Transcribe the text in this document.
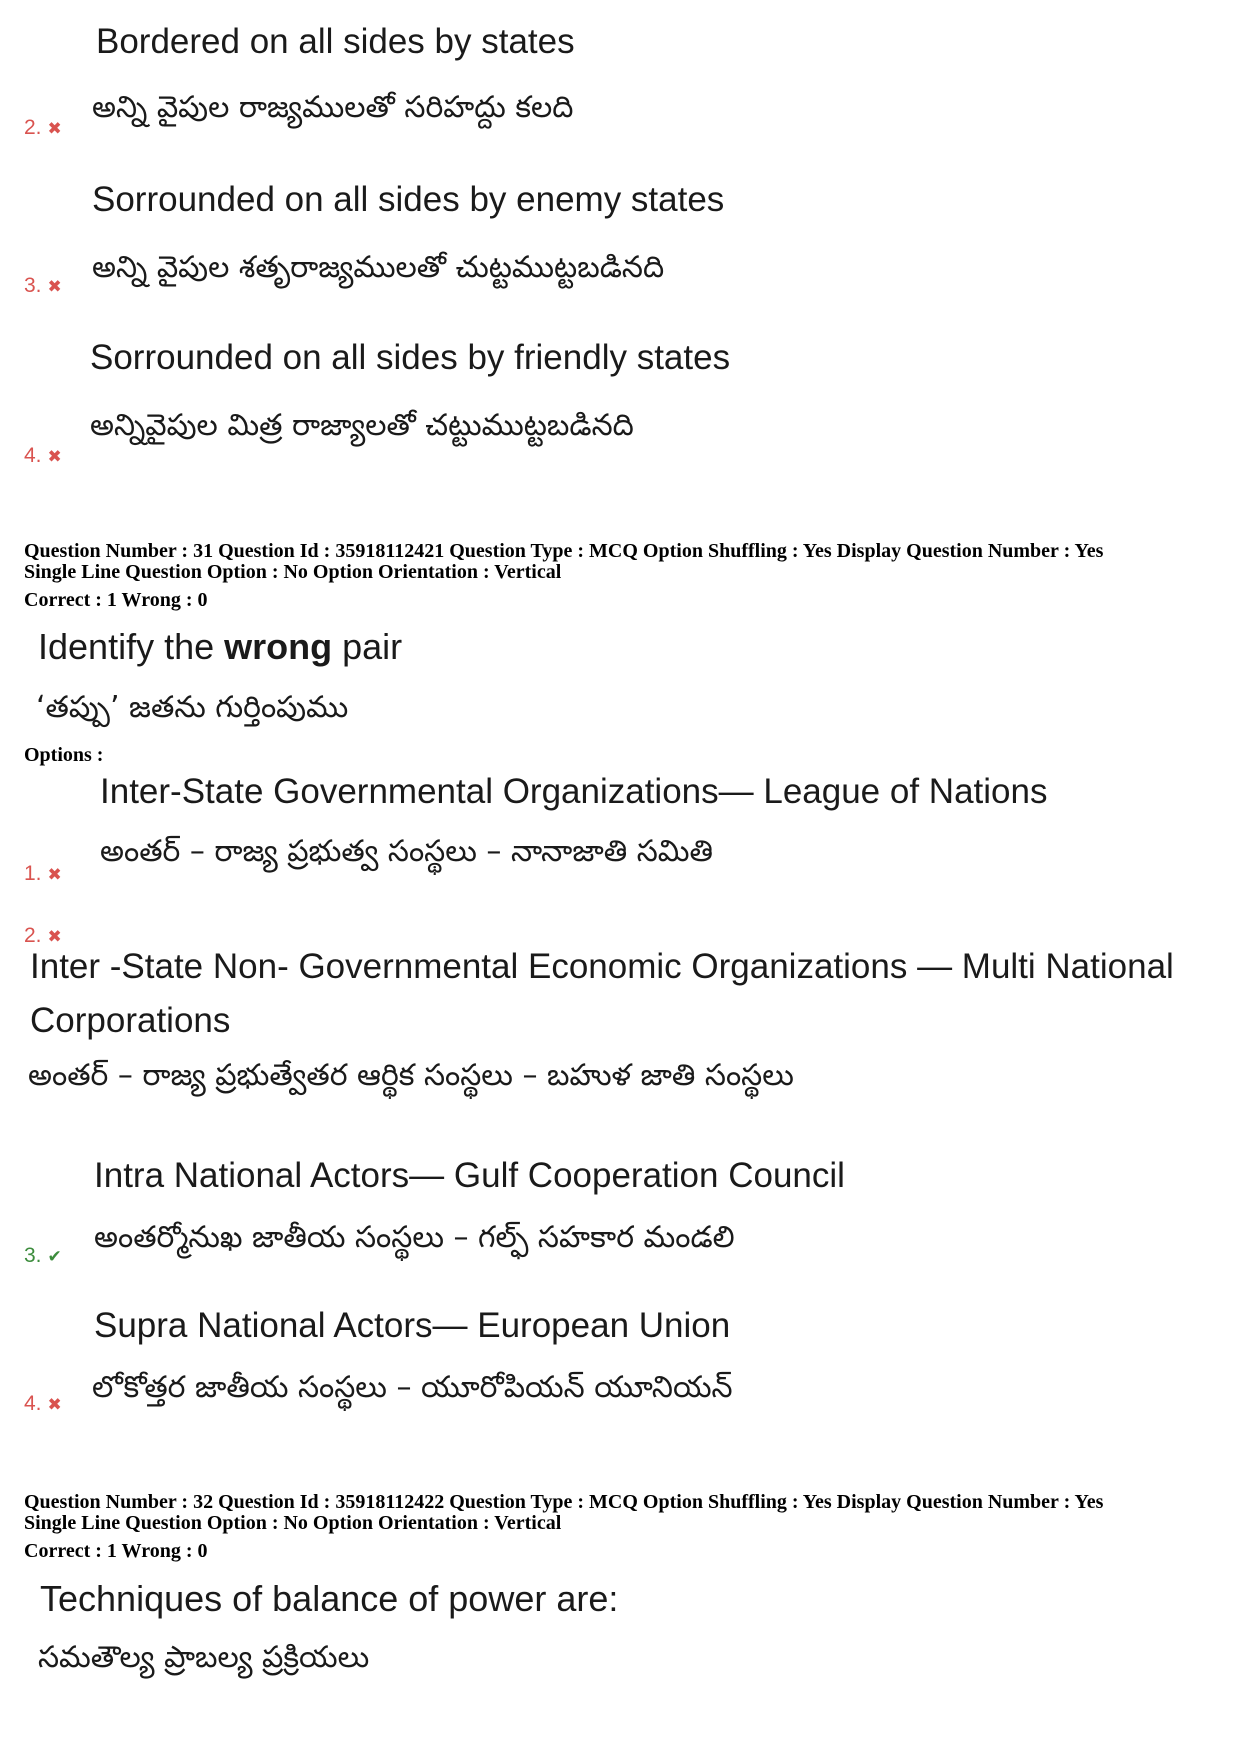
Bordered on all sides by states
అన్ని వైపుల రాజ్యములతో సరిహద్దు కలది
2. ✖
Sorrounded on all sides by enemy states
అన్ని వైపుల శతృరాజ్యములతో చుట్టముట్టబడినది
3. ✖
Sorrounded on all sides by friendly states
అన్నివైపుల మిత్ర రాజ్యాలతో చట్టుముట్టబడినది
4. ✖
Question Number : 31 Question Id : 35918112421 Question Type : MCQ Option Shuffling : Yes Display Question Number : Yes
Single Line Question Option : No Option Orientation : Vertical
Correct : 1 Wrong : 0
Identify the wrong pair
‘తప్పు’ జతను గుర్తింపుము
Options :
Inter-State Governmental Organizations— League of Nations
అంతర్ – రాజ్య ప్రభుత్వ సంస్థలు – నానాజాతి సమితి
1. ✖
2. ✖
Inter -State Non- Governmental Economic Organizations — Multi National Corporations
అంతర్ – రాజ్య ప్రభుత్వేతర ఆర్థిక సంస్థలు – బహుళ జాతి సంస్థలు
Intra National Actors— Gulf Cooperation Council
అంతర్మోనుఖ జాతీయ సంస్థలు – గల్ఫ్ సహకార మండలి
3. ✔
Supra National Actors— European Union
లోకోత్తర జాతీయ సంస్థలు – యూరోపియన్ యూనియన్
4. ✖
Question Number : 32 Question Id : 35918112422 Question Type : MCQ Option Shuffling : Yes Display Question Number : Yes
Single Line Question Option : No Option Orientation : Vertical
Correct : 1 Wrong : 0
Techniques of balance of power are:
సమతౌల్య ప్రాబల్య ప్రక్రియలు
